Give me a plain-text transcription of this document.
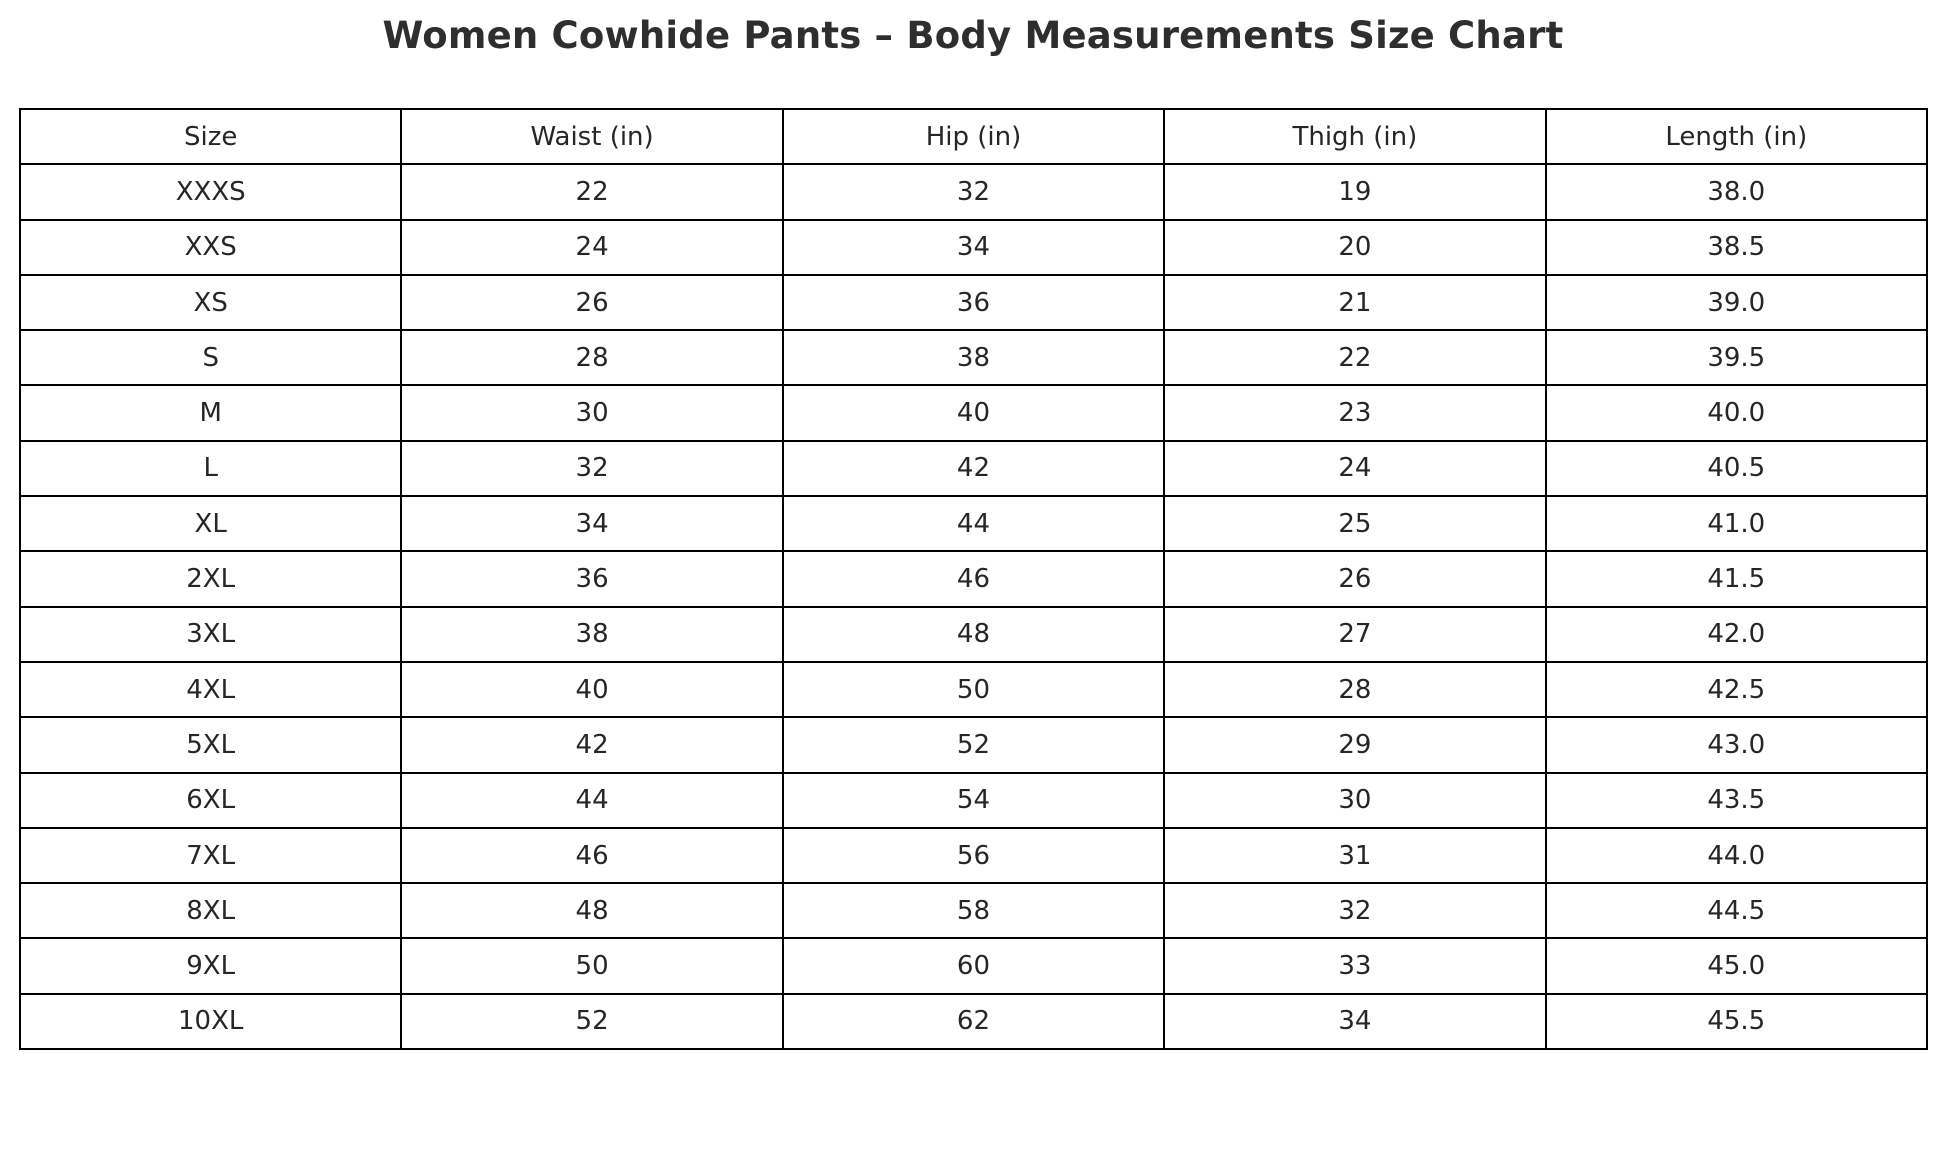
Women Cowhide Pants – Body Measurements Size Chart
Size	Waist (in)	Hip (in)	Thigh (in)	Length (in)
XXXS	22	32	19	38.0
XXS	24	34	20	38.5
XS	26	36	21	39.0
S	28	38	22	39.5
M	30	40	23	40.0
L	32	42	24	40.5
XL	34	44	25	41.0
2XL	36	46	26	41.5
3XL	38	48	27	42.0
4XL	40	50	28	42.5
5XL	42	52	29	43.0
6XL	44	54	30	43.5
7XL	46	56	31	44.0
8XL	48	58	32	44.5
9XL	50	60	33	45.0
10XL	52	62	34	45.5
